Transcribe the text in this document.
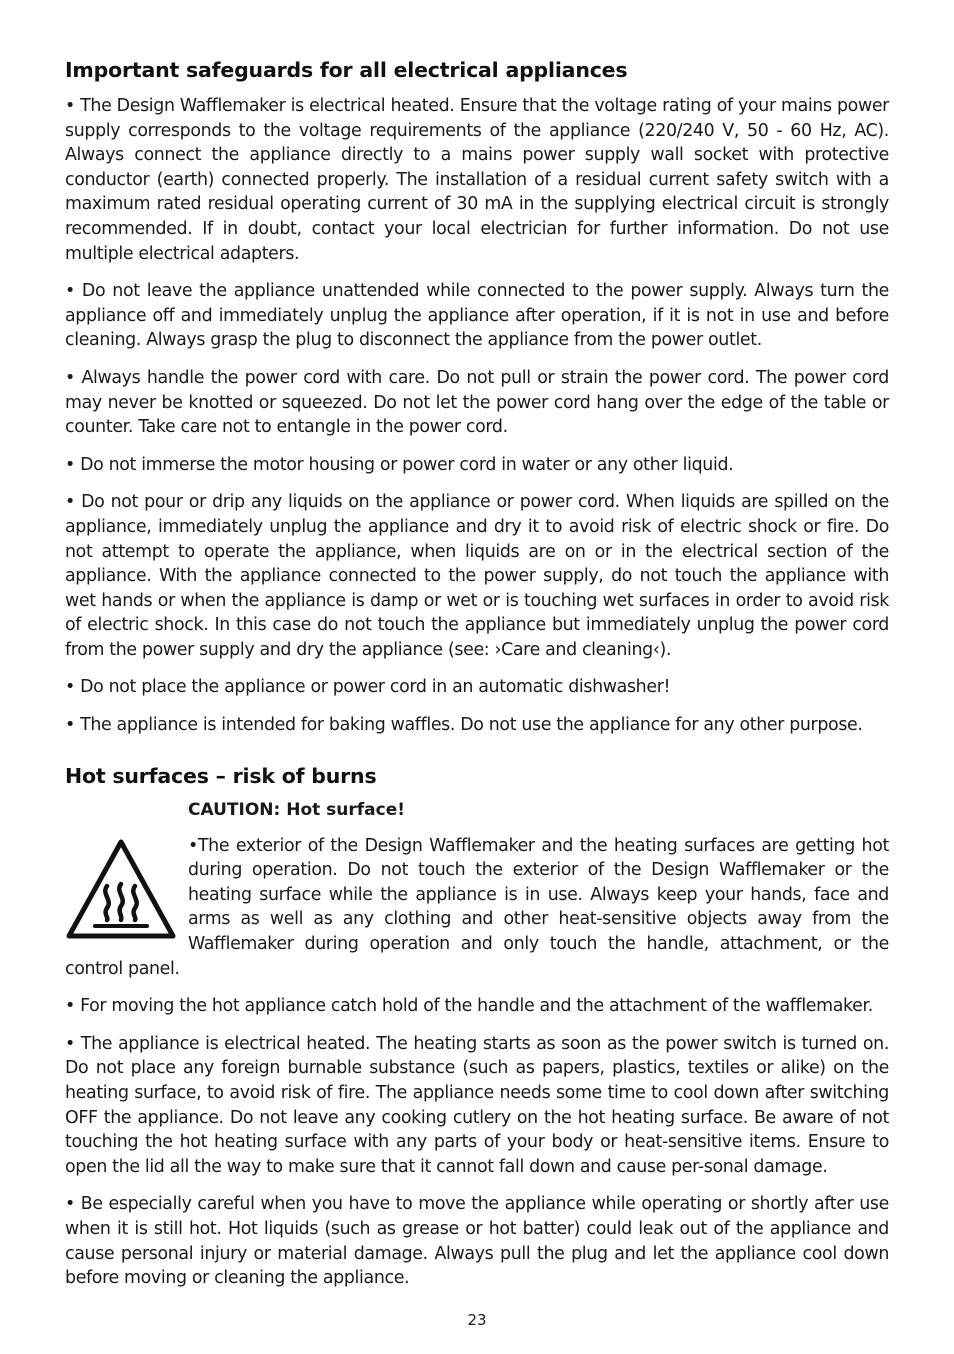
Important safeguards for all electrical appliances

• The Design Wafflemaker is electrical heated. Ensure that the voltage rating of your mains power supply corresponds to the voltage requirements of the appliance (220/240 V, 50 - 60 Hz, AC). Always connect the appliance directly to a mains power supply wall socket with protective conductor (earth) connected properly. The installation of a residual current safety switch with a maximum rated residual operating current of 30 mA in the supplying electrical circuit is strongly recommended. If in doubt, contact your local electrician for further information. Do not use multiple electrical adapters.

• Do not leave the appliance unattended while connected to the power supply. Always turn the appliance off and immediately unplug the appliance after operation, if it is not in use and before cleaning. Always grasp the plug to disconnect the appliance from the power outlet.

• Always handle the power cord with care. Do not pull or strain the power cord. The power cord may never be knotted or squeezed. Do not let the power cord hang over the edge of the table or counter. Take care not to entangle in the power cord.

• Do not immerse the motor housing or power cord in water or any other liquid.

• Do not pour or drip any liquids on the appliance or power cord. When liquids are spilled on the appliance, immediately unplug the appliance and dry it to avoid risk of electric shock or fire. Do not attempt to operate the appliance, when liquids are on or in the electrical section of the appliance. With the appliance connected to the power supply, do not touch the appliance with wet hands or when the appliance is damp or wet or is touching wet surfaces in order to avoid risk of electric shock. In this case do not touch the appliance but immediately unplug the power cord from the power supply and dry the appliance (see: ›Care and cleaning‹).

• Do not place the appliance or power cord in an automatic dishwasher!

• The appliance is intended for baking waffles. Do not use the appliance for any other purpose.

Hot surfaces – risk of burns
CAUTION: Hot surface!

•The exterior of the Design Wafflemaker and the heating surfaces are getting hot during operation. Do not touch the exterior of the Design Wafflemaker or the heating surface while the appliance is in use. Always keep your hands, face and arms as well as any clothing and other heat-sensitive objects away from the Wafflemaker during operation and only touch the handle, attachment, or the control panel.

• For moving the hot appliance catch hold of the handle and the attachment of the wafflemaker.

• The appliance is electrical heated. The heating starts as soon as the power switch is turned on. Do not place any foreign burnable substance (such as papers, plastics, textiles or alike) on the heating surface, to avoid risk of fire. The appliance needs some time to cool down after switching OFF the appliance. Do not leave any cooking cutlery on the hot heating surface. Be aware of not touching the hot heating surface with any parts of your body or heat-sensitive items. Ensure to open the lid all the way to make sure that it cannot fall down and cause per-sonal damage.

• Be especially careful when you have to move the appliance while operating or shortly after use when it is still hot. Hot liquids (such as grease or hot batter) could leak out of the appliance and cause personal injury or material damage. Always pull the plug and let the appliance cool down before moving or cleaning the appliance.

23
